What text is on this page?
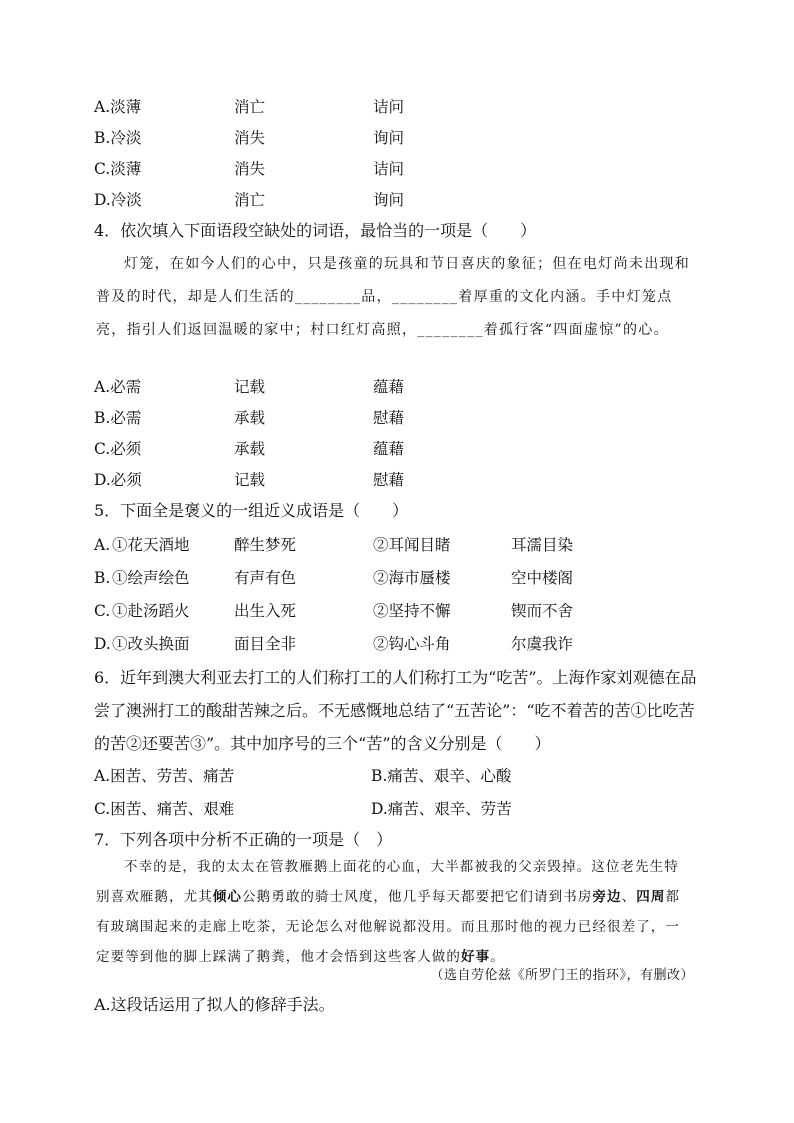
A.淡薄	消亡	诘问
B.冷淡	消失	询问
C.淡薄	消失	诘问
D.冷淡	消亡	询问
4．依次填入下面语段空缺处的词语，最恰当的一项是（　　）
灯笼，在如今人们的心中，只是孩童的玩具和节日喜庆的象征；但在电灯尚未出现和普及的时代，却是人们生活的________品，________着厚重的文化内涵。手中灯笼点亮，指引人们返回温暖的家中；村口红灯高照，________着孤行客“四面虚惊”的心。
A.必需	记载	蕴藉
B.必需	承载	慰藉
C.必须	承载	蕴藉
D.必须	记载	慰藉
5．下面全是褒义的一组近义成语是（　　）
A. ①花天酒地	醉生梦死	②耳闻目睹	耳濡目染
B. ①绘声绘色	有声有色	②海市蜃楼	空中楼阁
C. ①赴汤蹈火	出生入死	②坚持不懈	锲而不舍
D. ①改头换面	面目全非	②钩心斗角	尔虞我诈
6．近年到澳大利亚去打工的人们称打工的人们称打工为“吃苦”。上海作家刘观德在品尝了澳洲打工的酸甜苦辣之后。不无感慨地总结了“五苦论”：“吃不着苦的苦①比吃苦的苦②还要苦③”。其中加序号的三个“苦”的含义分别是（　　）
A.困苦、劳苦、痛苦	B.痛苦、艰辛、心酸
C.困苦、痛苦、艰难	D.痛苦、艰辛、劳苦
7．下列各项中分析不正确的一项是（　）
不幸的是，我的太太在管教雁鹅上面花的心血，大半都被我的父亲毁掉。这位老先生特别喜欢雁鹅，尤其倾心公鹅勇敢的骑士风度，他几乎每天都要把它们请到书房旁边、四周都有玻璃围起来的走廊上吃茶，无论怎么对他解说都没用。而且那时他的视力已经很差了，一定要等到他的脚上踩满了鹅粪，他才会悟到这些客人做的好事。
（选自劳伦兹《所罗门王的指环》，有删改）
A.这段话运用了拟人的修辞手法。
